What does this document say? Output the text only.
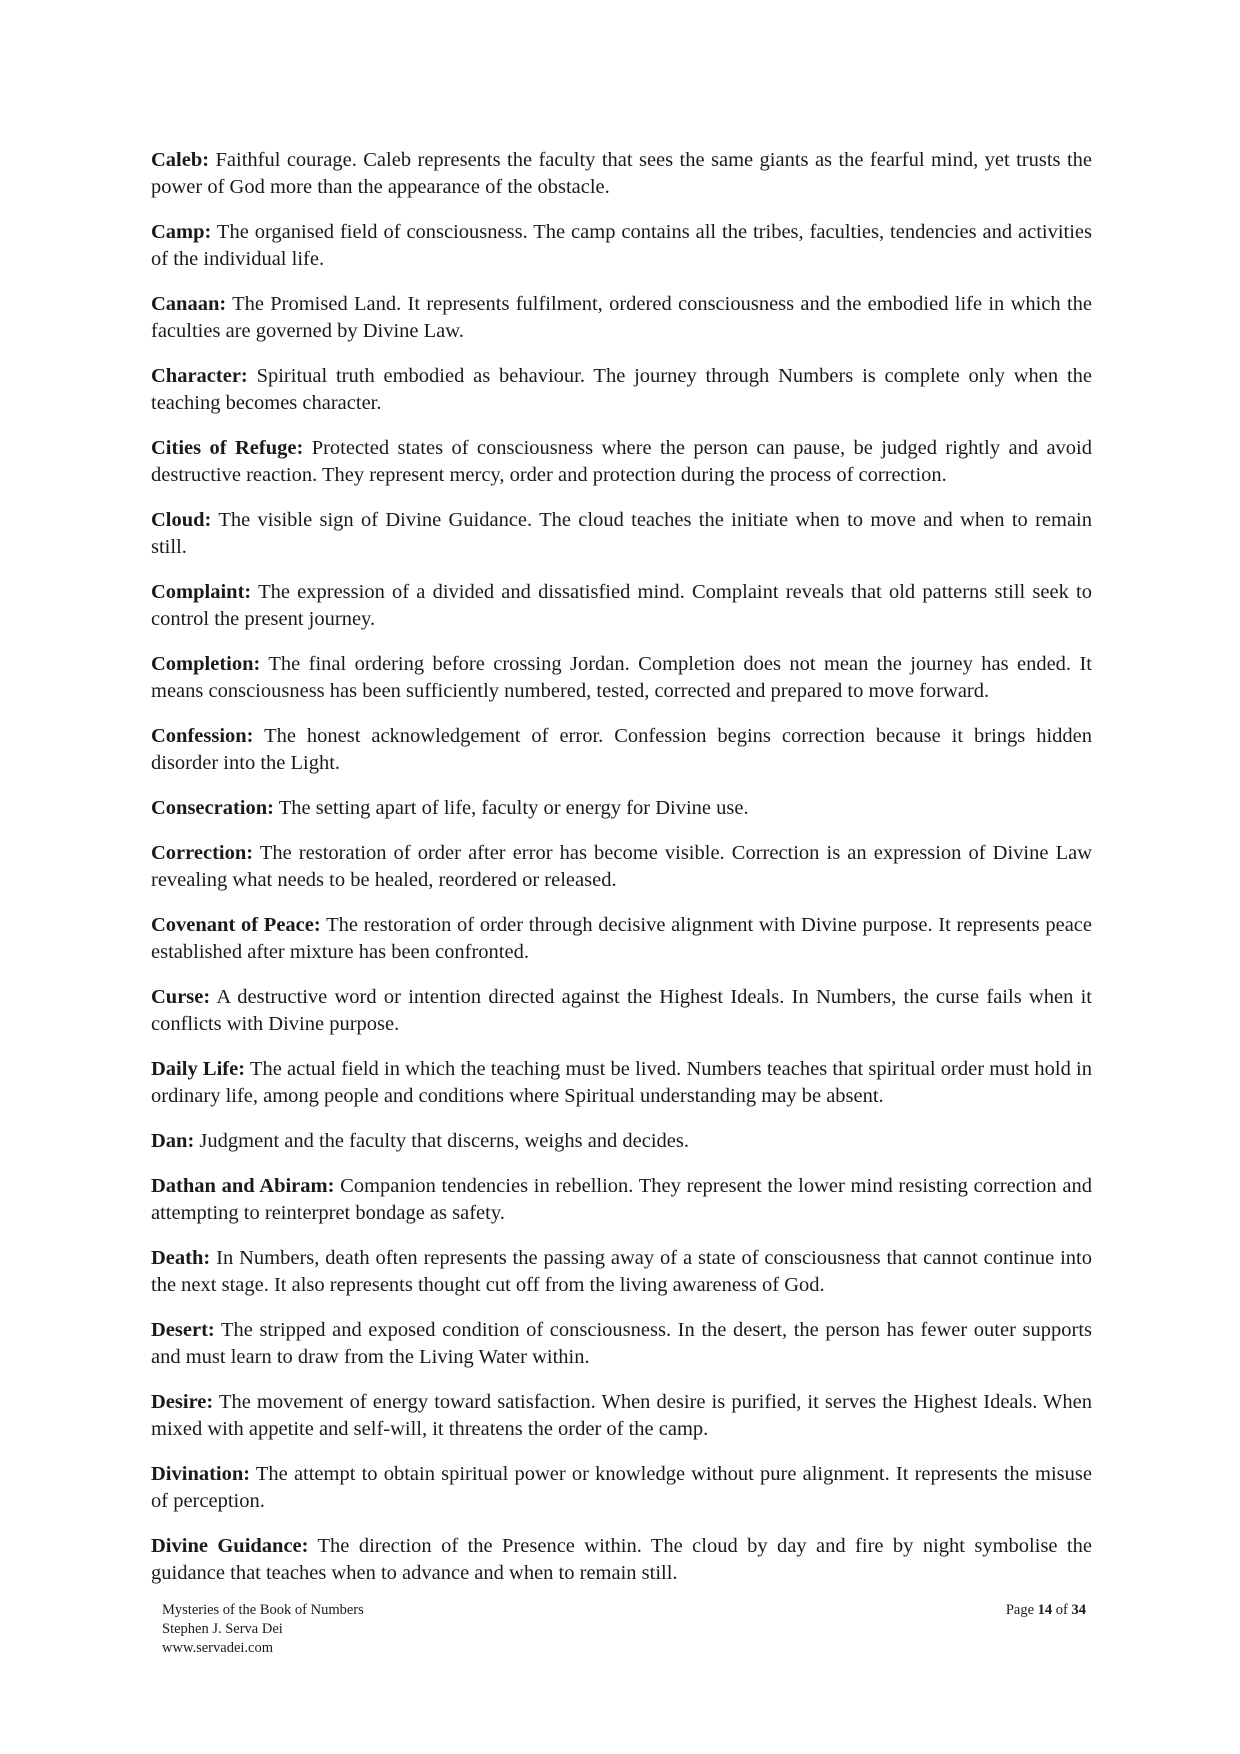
Caleb: Faithful courage. Caleb represents the faculty that sees the same giants as the fearful mind, yet trusts the power of God more than the appearance of the obstacle.

Camp: The organised field of consciousness. The camp contains all the tribes, faculties, tendencies and activities of the individual life.

Canaan: The Promised Land. It represents fulfilment, ordered consciousness and the embodied life in which the faculties are governed by Divine Law.

Character: Spiritual truth embodied as behaviour. The journey through Numbers is complete only when the teaching becomes character.

Cities of Refuge: Protected states of consciousness where the person can pause, be judged rightly and avoid destructive reaction. They represent mercy, order and protection during the process of correction.

Cloud: The visible sign of Divine Guidance. The cloud teaches the initiate when to move and when to remain still.

Complaint: The expression of a divided and dissatisfied mind. Complaint reveals that old patterns still seek to control the present journey.

Completion: The final ordering before crossing Jordan. Completion does not mean the journey has ended. It means consciousness has been sufficiently numbered, tested, corrected and prepared to move forward.

Confession: The honest acknowledgement of error. Confession begins correction because it brings hidden disorder into the Light.

Consecration: The setting apart of life, faculty or energy for Divine use.

Correction: The restoration of order after error has become visible. Correction is an expression of Divine Law revealing what needs to be healed, reordered or released.

Covenant of Peace: The restoration of order through decisive alignment with Divine purpose. It represents peace established after mixture has been confronted.

Curse: A destructive word or intention directed against the Highest Ideals. In Numbers, the curse fails when it conflicts with Divine purpose.

Daily Life: The actual field in which the teaching must be lived. Numbers teaches that spiritual order must hold in ordinary life, among people and conditions where Spiritual understanding may be absent.

Dan: Judgment and the faculty that discerns, weighs and decides.

Dathan and Abiram: Companion tendencies in rebellion. They represent the lower mind resisting correction and attempting to reinterpret bondage as safety.

Death: In Numbers, death often represents the passing away of a state of consciousness that cannot continue into the next stage. It also represents thought cut off from the living awareness of God.

Desert: The stripped and exposed condition of consciousness. In the desert, the person has fewer outer supports and must learn to draw from the Living Water within.

Desire: The movement of energy toward satisfaction. When desire is purified, it serves the Highest Ideals. When mixed with appetite and self-will, it threatens the order of the camp.

Divination: The attempt to obtain spiritual power or knowledge without pure alignment. It represents the misuse of perception.

Divine Guidance: The direction of the Presence within. The cloud by day and fire by night symbolise the guidance that teaches when to advance and when to remain still.

Mysteries of the Book of Numbers
Stephen J. Serva Dei
www.servadei.com
Page 14 of 34
